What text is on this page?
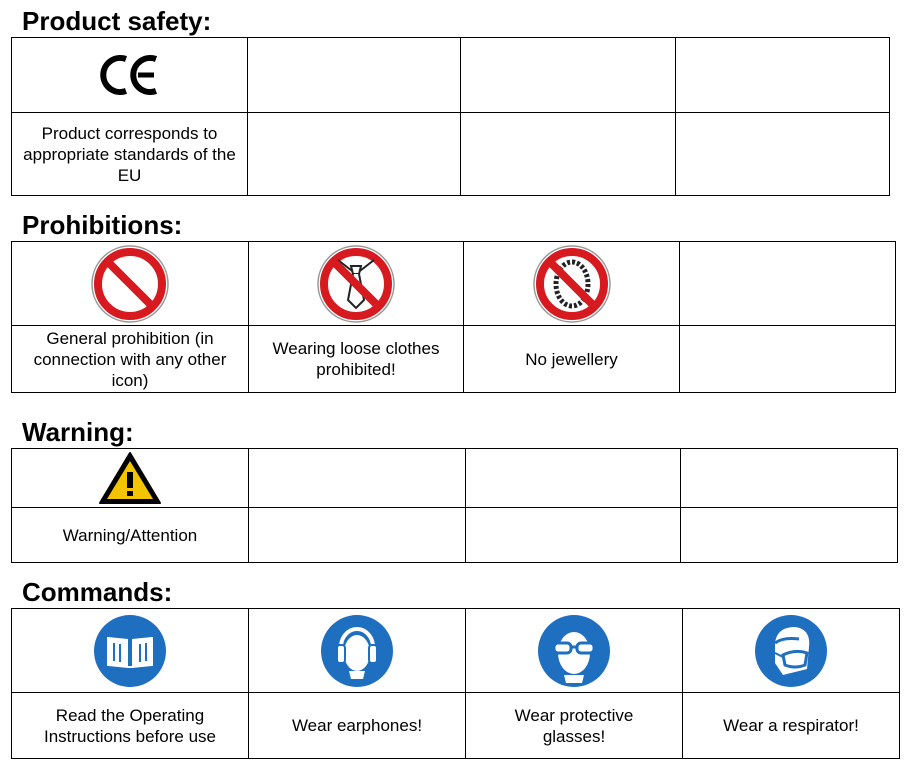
Product safety:

Product corresponds to appropriate standards of the EU			

Prohibitions:

General prohibition (in connection with any other icon)	Wearing loose clothes prohibited!	No jewellery	

Warning:

Warning/Attention			

Commands:

Read the Operating Instructions before use	Wear earphones!	Wear protective glasses!	Wear a respirator!
